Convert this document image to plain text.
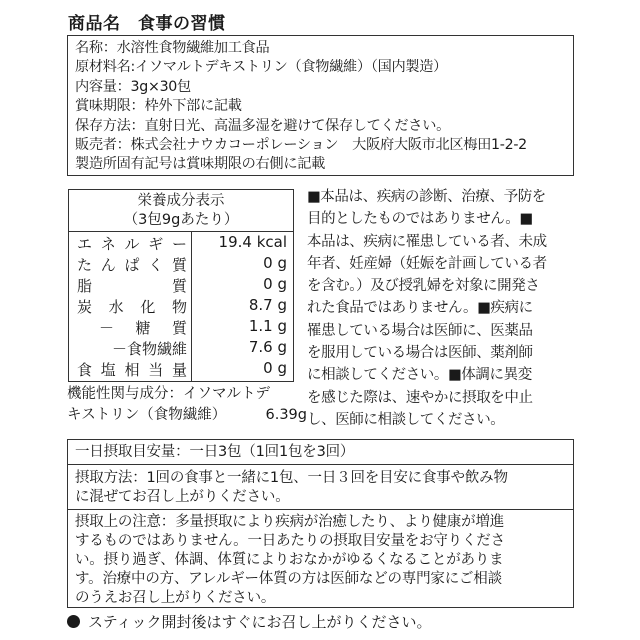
商品名　食事の習慣
名称：水溶性食物繊維加工食品
原材料名:イソマルトデキストリン（食物繊維）（国内製造）
内容量：3g×30包
賞味期限：枠外下部に記載
保存方法：直射日光、高温多湿を避けて保存してください。
販売者：株式会社ナウカコーポレーション　大阪府大阪市北区梅田1-2-2
製造所固有記号は賞味期限の右側に記載
栄養成分表示
（3包9gあたり）
エ ネ ル ギ ー	19.4 kcal
た ん ぱ く 質	0 g
脂	質	0 g
炭 水 化 物	8.7 g
－ 糖 質	1.1 g
－食物繊維	7.6 g
食 塩 相 当 量	0 g
機能性関与成分：イソマルトデ
キストリン（食物繊維）	6.39g
■本品は、疾病の診断、治療、予防を
目的としたものではありません。■
本品は、疾病に罹患している者、未成
年者、妊産婦（妊娠を計画している者
を含む。）及び授乳婦を対象に開発さ
れた食品ではありません。■疾病に
罹患している場合は医師に、医薬品
を服用している場合は医師、薬剤師
に相談してください。■体調に異変
を感じた際は、速やかに摂取を中止
し、医師に相談してください。
一日摂取目安量：一日3包（1回1包を3回）
摂取方法：1回の食事と一緒に1包、一日３回を目安に食事や飲み物
に混ぜてお召し上がりください。
摂取上の注意：多量摂取により疾病が治癒したり、より健康が増進
するものではありません。一日あたりの摂取目安量をお守りくださ
い。摂り過ぎ、体調、体質によりおなかがゆるくなることがありま
す。治療中の方、アレルギー体質の方は医師などの専門家にご相談
のうえお召し上がりください。
スティック開封後はすぐにお召し上がりください。
